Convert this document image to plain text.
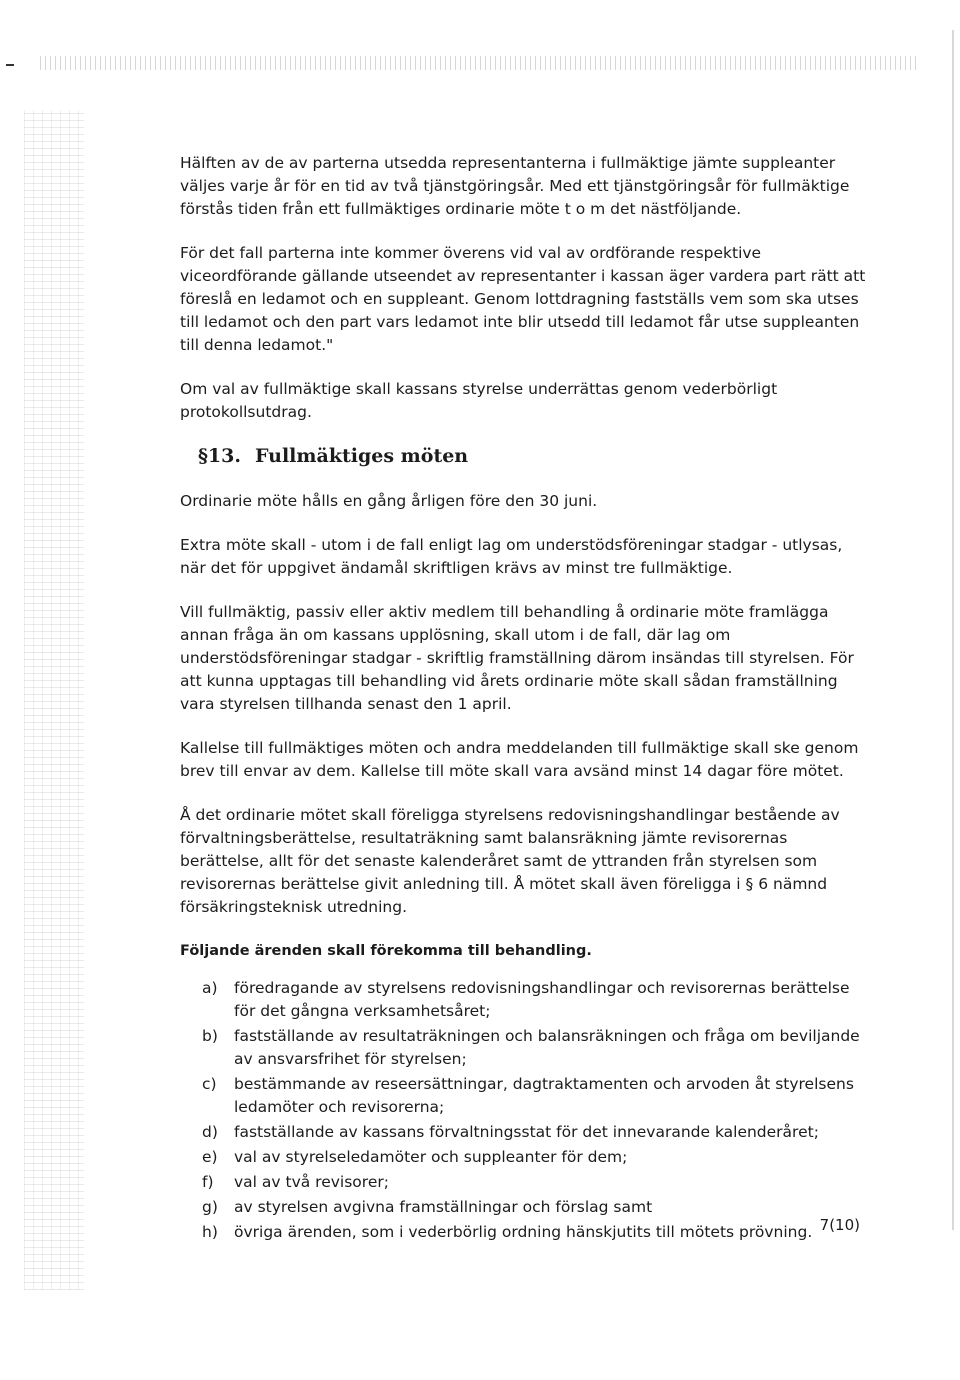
Hälften av de av parterna utsedda representanterna i fullmäktige jämte suppleanter väljes varje år för en tid av två tjänstgöringsår. Med ett tjänstgöringsår för fullmäktige förstås tiden från ett fullmäktiges ordinarie möte t o m det nästföljande.

För det fall parterna inte kommer överens vid val av ordförande respektive viceordförande gällande utseendet av representanter i kassan äger vardera part rätt att föreslå en ledamot och en suppleant. Genom lottdragning fastställs vem som ska utses till ledamot och den part vars ledamot inte blir utsedd till ledamot får utse suppleanten till denna ledamot."

Om val av fullmäktige skall kassans styrelse underrättas genom vederbörligt protokollsutdrag.

§13. Fullmäktiges möten

Ordinarie möte hålls en gång årligen före den 30 juni.

Extra möte skall - utom i de fall enligt lag om understödsföreningar stadgar - utlysas, när det för uppgivet ändamål skriftligen krävs av minst tre fullmäktige.

Vill fullmäktig, passiv eller aktiv medlem till behandling å ordinarie möte framlägga annan fråga än om kassans upplösning, skall utom i de fall, där lag om understödsföreningar stadgar - skriftlig framställning därom insändas till styrelsen. För att kunna upptagas till behandling vid årets ordinarie möte skall sådan framställning vara styrelsen tillhanda senast den 1 april.

Kallelse till fullmäktiges möten och andra meddelanden till fullmäktige skall ske genom brev till envar av dem. Kallelse till möte skall vara avsänd minst 14 dagar före mötet.

Å det ordinarie mötet skall föreligga styrelsens redovisningshandlingar bestående av förvaltningsberättelse, resultaträkning samt balansräkning jämte revisorernas berättelse, allt för det senaste kalenderåret samt de yttranden från styrelsen som revisorernas berättelse givit anledning till. Å mötet skall även föreligga i § 6 nämnd försäkringsteknisk utredning.

Följande ärenden skall förekomma till behandling.
a) föredragande av styrelsens redovisningshandlingar och revisorernas berättelse för det gångna verksamhetsåret;
b) fastställande av resultaträkningen och balansräkningen och fråga om beviljande av ansvarsfrihet för styrelsen;
c) bestämmande av reseersättningar, dagtraktamenten och arvoden åt styrelsens ledamöter och revisorerna;
d) fastställande av kassans förvaltningsstat för det innevarande kalenderåret;
e) val av styrelseledamöter och suppleanter för dem;
f) val av två revisorer;
g) av styrelsen avgivna framställningar och förslag samt
h) övriga ärenden, som i vederbörlig ordning hänskjutits till mötets prövning. 7(10)
